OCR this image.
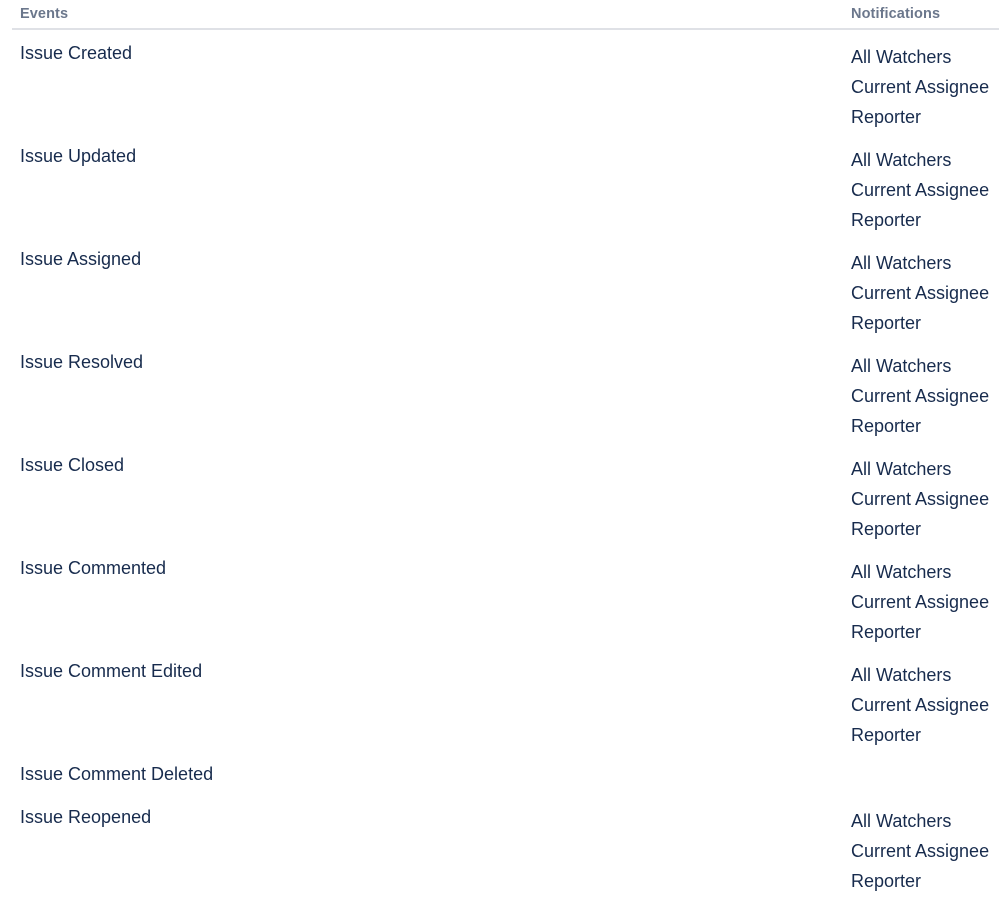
Events	Notifications
Issue Created	All Watchers
Current Assignee
Reporter
Issue Updated	All Watchers
Current Assignee
Reporter
Issue Assigned	All Watchers
Current Assignee
Reporter
Issue Resolved	All Watchers
Current Assignee
Reporter
Issue Closed	All Watchers
Current Assignee
Reporter
Issue Commented	All Watchers
Current Assignee
Reporter
Issue Comment Edited	All Watchers
Current Assignee
Reporter
Issue Comment Deleted
Issue Reopened	All Watchers
Current Assignee
Reporter
